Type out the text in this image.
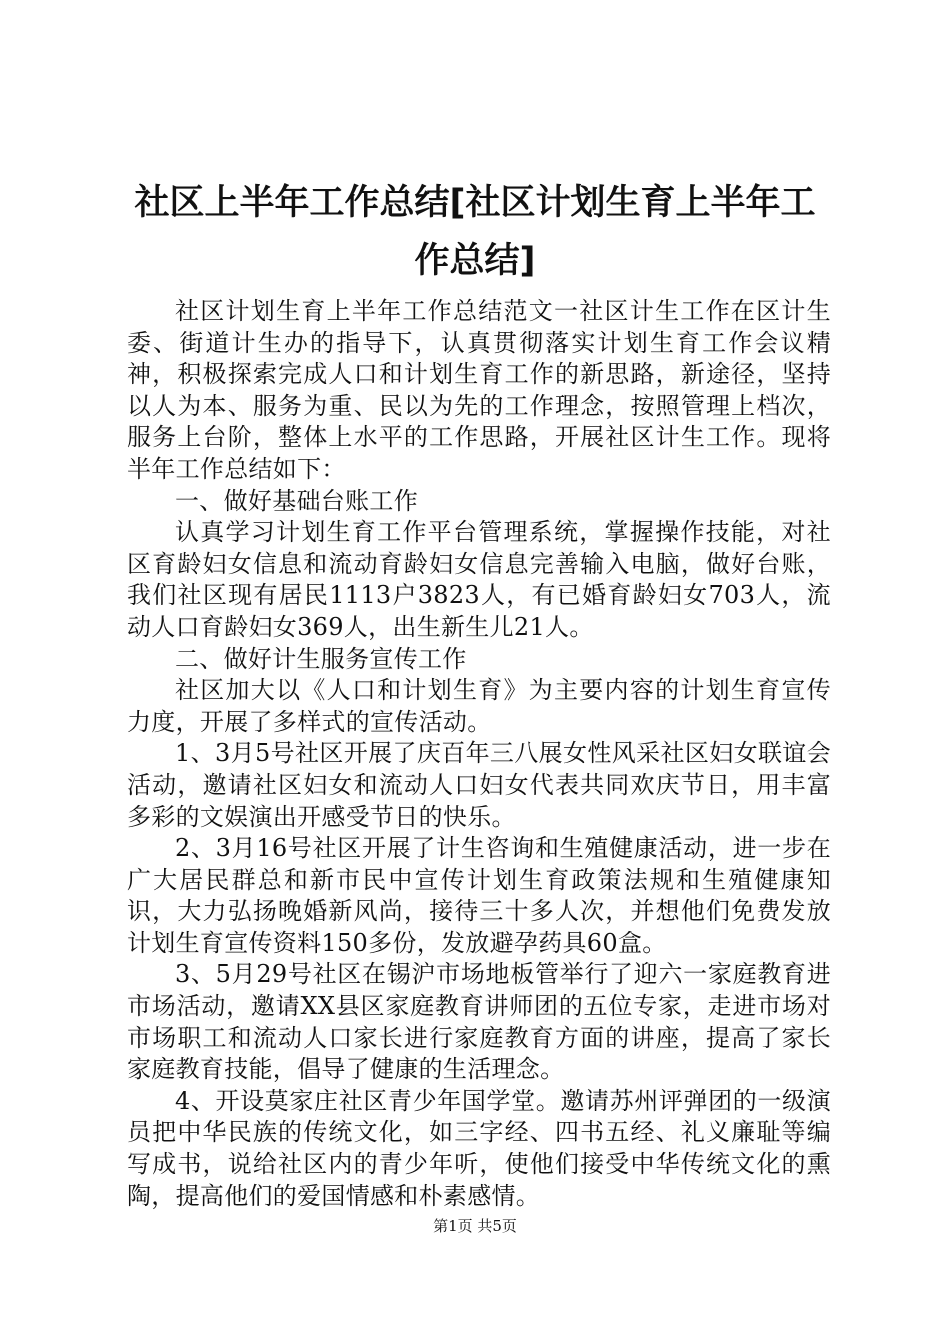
社区上半年工作总结[社区计划生育上半年工作总结]

社区计划生育上半年工作总结范文一社区计生工作在区计生委、街道计生办的指导下，认真贯彻落实计划生育工作会议精神，积极探索完成人口和计划生育工作的新思路，新途径，坚持以人为本、服务为重、民以为先的工作理念，按照管理上档次，服务上台阶，整体上水平的工作思路，开展社区计生工作。现将半年工作总结如下：

一、做好基础台账工作

认真学习计划生育工作平台管理系统，掌握操作技能，对社区育龄妇女信息和流动育龄妇女信息完善输入电脑，做好台账，我们社区现有居民1113户3823人，有已婚育龄妇女703人，流动人口育龄妇女369人，出生新生儿21人。

二、做好计生服务宣传工作

社区加大以《人口和计划生育》为主要内容的计划生育宣传力度，开展了多样式的宣传活动。

1、3月5号社区开展了庆百年三八展女性风采社区妇女联谊会活动，邀请社区妇女和流动人口妇女代表共同欢庆节日，用丰富多彩的文娱演出开感受节日的快乐。

2、3月16号社区开展了计生咨询和生殖健康活动，进一步在广大居民群总和新市民中宣传计划生育政策法规和生殖健康知识，大力弘扬晚婚新风尚，接待三十多人次，并想他们免费发放计划生育宣传资料150多份，发放避孕药具60盒。

3、5月29号社区在锡沪市场地板管举行了迎六一家庭教育进市场活动，邀请XX县区家庭教育讲师团的五位专家，走进市场对市场职工和流动人口家长进行家庭教育方面的讲座，提高了家长家庭教育技能，倡导了健康的生活理念。

4、开设莫家庄社区青少年国学堂。邀请苏州评弹团的一级演员把中华民族的传统文化，如三字经、四书五经、礼义廉耻等编写成书，说给社区内的青少年听，使他们接受中华传统文化的熏陶，提高他们的爱国情感和朴素感情。

第1页 共5页
